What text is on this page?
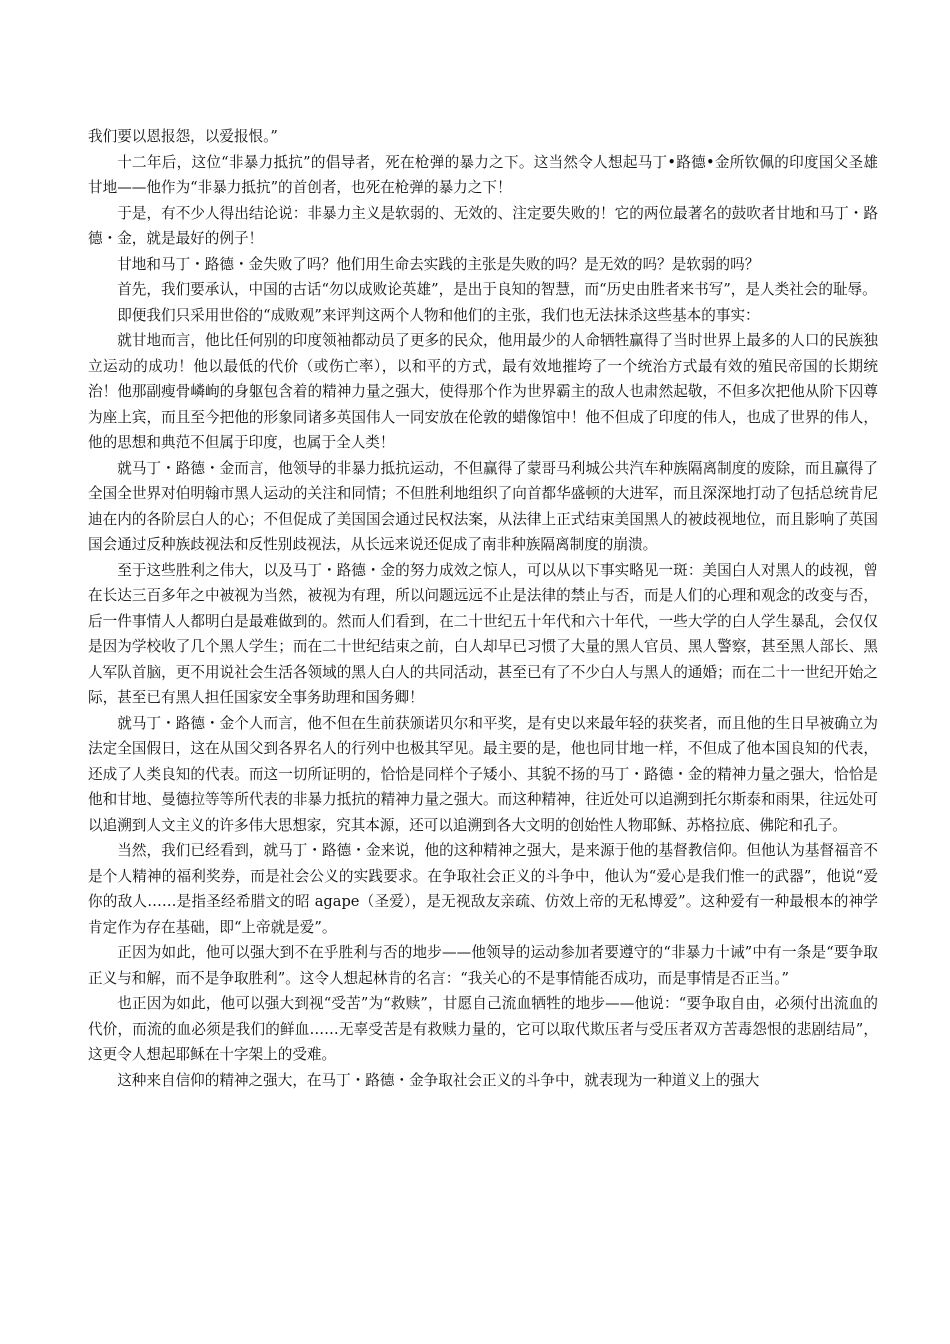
我们要以恩报怨，以爱报恨。”

十二年后，这位“非暴力抵抗”的倡导者，死在枪弹的暴力之下。这当然令人想起马丁•路德•金所钦佩的印度国父圣雄甘地——他作为“非暴力抵抗”的首创者，也死在枪弹的暴力之下！

于是，有不少人得出结论说：非暴力主义是软弱的、无效的、注定要失败的！它的两位最著名的鼓吹者甘地和马丁・路德・金，就是最好的例子！

甘地和马丁・路德・金失败了吗？他们用生命去实践的主张是失败的吗？是无效的吗？是软弱的吗？

首先，我们要承认，中国的古话“勿以成败论英雄”，是出于良知的智慧，而“历史由胜者来书写”，是人类社会的耻辱。

即便我们只采用世俗的“成败观”来评判这两个人物和他们的主张，我们也无法抹杀这些基本的事实：

就甘地而言，他比任何别的印度领袖都动员了更多的民众，他用最少的人命牺牲赢得了当时世界上最多的人口的民族独立运动的成功！他以最低的代价（或伤亡率），以和平的方式，最有效地摧垮了一个统治方式最有效的殖民帝国的长期统治！他那副瘦骨嶙峋的身躯包含着的精神力量之强大，使得那个作为世界霸主的敌人也肃然起敬，不但多次把他从阶下囚尊为座上宾，而且至今把他的形象同诸多英国伟人一同安放在伦敦的蜡像馆中！他不但成了印度的伟人，也成了世界的伟人，他的思想和典范不但属于印度，也属于全人类！

就马丁・路德・金而言，他领导的非暴力抵抗运动，不但赢得了蒙哥马利城公共汽车种族隔离制度的废除，而且赢得了全国全世界对伯明翰市黑人运动的关注和同情；不但胜利地组织了向首都华盛顿的大进军，而且深深地打动了包括总统肯尼迪在内的各阶层白人的心；不但促成了美国国会通过民权法案，从法律上正式结束美国黑人的被歧视地位，而且影响了英国国会通过反种族歧视法和反性别歧视法，从长远来说还促成了南非种族隔离制度的崩溃。

至于这些胜利之伟大，以及马丁・路德・金的努力成效之惊人，可以从以下事实略见一斑：美国白人对黑人的歧视，曾在长达三百多年之中被视为当然，被视为有理，所以问题远远不止是法律的禁止与否，而是人们的心理和观念的改变与否，后一件事情人人都明白是最难做到的。然而人们看到，在二十世纪五十年代和六十年代，一些大学的白人学生暴乱，会仅仅是因为学校收了几个黑人学生；而在二十世纪结束之前，白人却早已习惯了大量的黑人官员、黑人警察，甚至黑人部长、黑人军队首脑，更不用说社会生活各领域的黑人白人的共同活动，甚至已有了不少白人与黑人的通婚；而在二十一世纪开始之际，甚至已有黑人担任国家安全事务助理和国务卿！

就马丁・路德・金个人而言，他不但在生前获颁诺贝尔和平奖，是有史以来最年轻的获奖者，而且他的生日早被确立为法定全国假日，这在从国父到各界名人的行列中也极其罕见。最主要的是，他也同甘地一样，不但成了他本国良知的代表，还成了人类良知的代表。而这一切所证明的，恰恰是同样个子矮小、其貌不扬的马丁・路德・金的精神力量之强大，恰恰是他和甘地、曼德拉等等所代表的非暴力抵抗的精神力量之强大。而这种精神，往近处可以追溯到托尔斯泰和雨果，往远处可以追溯到人文主义的许多伟大思想家，究其本源，还可以追溯到各大文明的创始性人物耶稣、苏格拉底、佛陀和孔子。

当然，我们已经看到，就马丁・路德・金来说，他的这种精神之强大，是来源于他的基督教信仰。但他认为基督福音不是个人精神的福利奖券，而是社会公义的实践要求。在争取社会正义的斗争中，他认为“爱心是我们惟一的武器”，他说“爱你的敌人……是指圣经希腊文的昭 agape（圣爱），是无视敌友亲疏、仿效上帝的无私博爱”。这种爱有一种最根本的神学肯定作为存在基础，即“上帝就是爱”。

正因为如此，他可以强大到不在乎胜利与否的地步——他领导的运动参加者要遵守的“非暴力十诫”中有一条是“要争取正义与和解，而不是争取胜利”。这令人想起林肯的名言：“我关心的不是事情能否成功，而是事情是否正当。”

也正因为如此，他可以强大到视“受苦”为“救赎”，甘愿自己流血牺牲的地步——他说：“要争取自由，必须付出流血的代价，而流的血必须是我们的鲜血……无辜受苦是有救赎力量的，它可以取代欺压者与受压者双方苦毒怨恨的悲剧结局”，这更令人想起耶稣在十字架上的受难。

这种来自信仰的精神之强大，在马丁・路德・金争取社会正义的斗争中，就表现为一种道义上的强大
